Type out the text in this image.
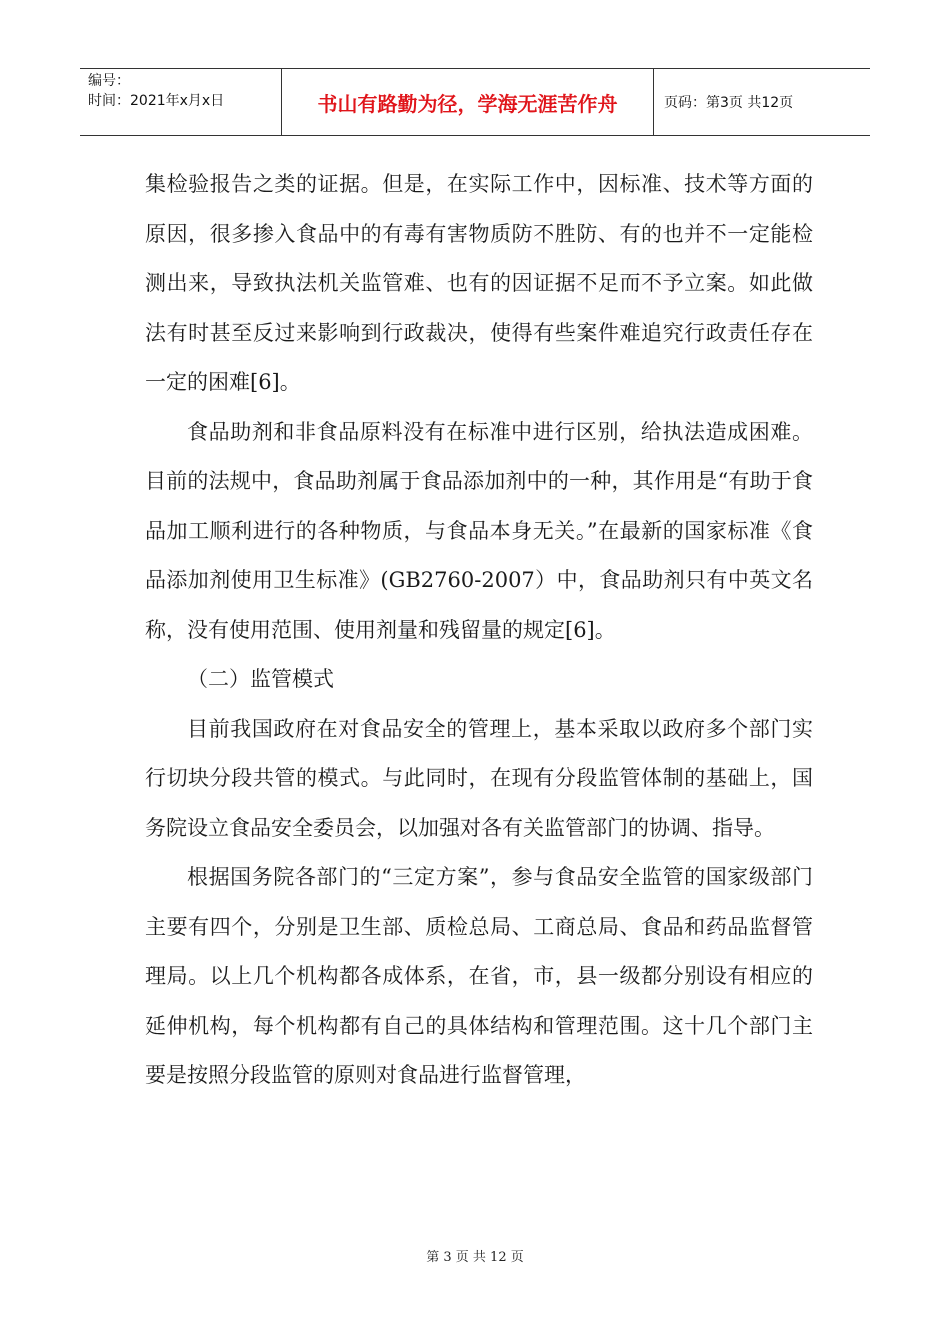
编号：
时间：2021年x月x日	书山有路勤为径，学海无涯苦作舟	页码：第3页 共12页

集检验报告之类的证据。但是，在实际工作中，因标准、技术等方面的原因，很多掺入食品中的有毒有害物质防不胜防、有的也并不一定能检测出来，导致执法机关监管难、也有的因证据不足而不予立案。如此做法有时甚至反过来影响到行政裁决，使得有些案件难追究行政责任存在一定的困难[6]。

食品助剂和非食品原料没有在标准中进行区别，给执法造成困难。目前的法规中，食品助剂属于食品添加剂中的一种，其作用是“有助于食品加工顺利进行的各种物质，与食品本身无关。”在最新的国家标准《食品添加剂使用卫生标准》(GB2760-2007）中，食品助剂只有中英文名称，没有使用范围、使用剂量和残留量的规定[6]。

（二）监管模式

目前我国政府在对食品安全的管理上，基本采取以政府多个部门实行切块分段共管的模式。与此同时，在现有分段监管体制的基础上，国务院设立食品安全委员会，以加强对各有关监管部门的协调、指导。

根据国务院各部门的“三定方案”，参与食品安全监管的国家级部门主要有四个，分别是卫生部、质检总局、工商总局、食品和药品监督管理局。以上几个机构都各成体系，在省，市，县一级都分别设有相应的延伸机构，每个机构都有自己的具体结构和管理范围。这十几个部门主要是按照分段监管的原则对食品进行监督管理，

第 3 页 共 12 页
